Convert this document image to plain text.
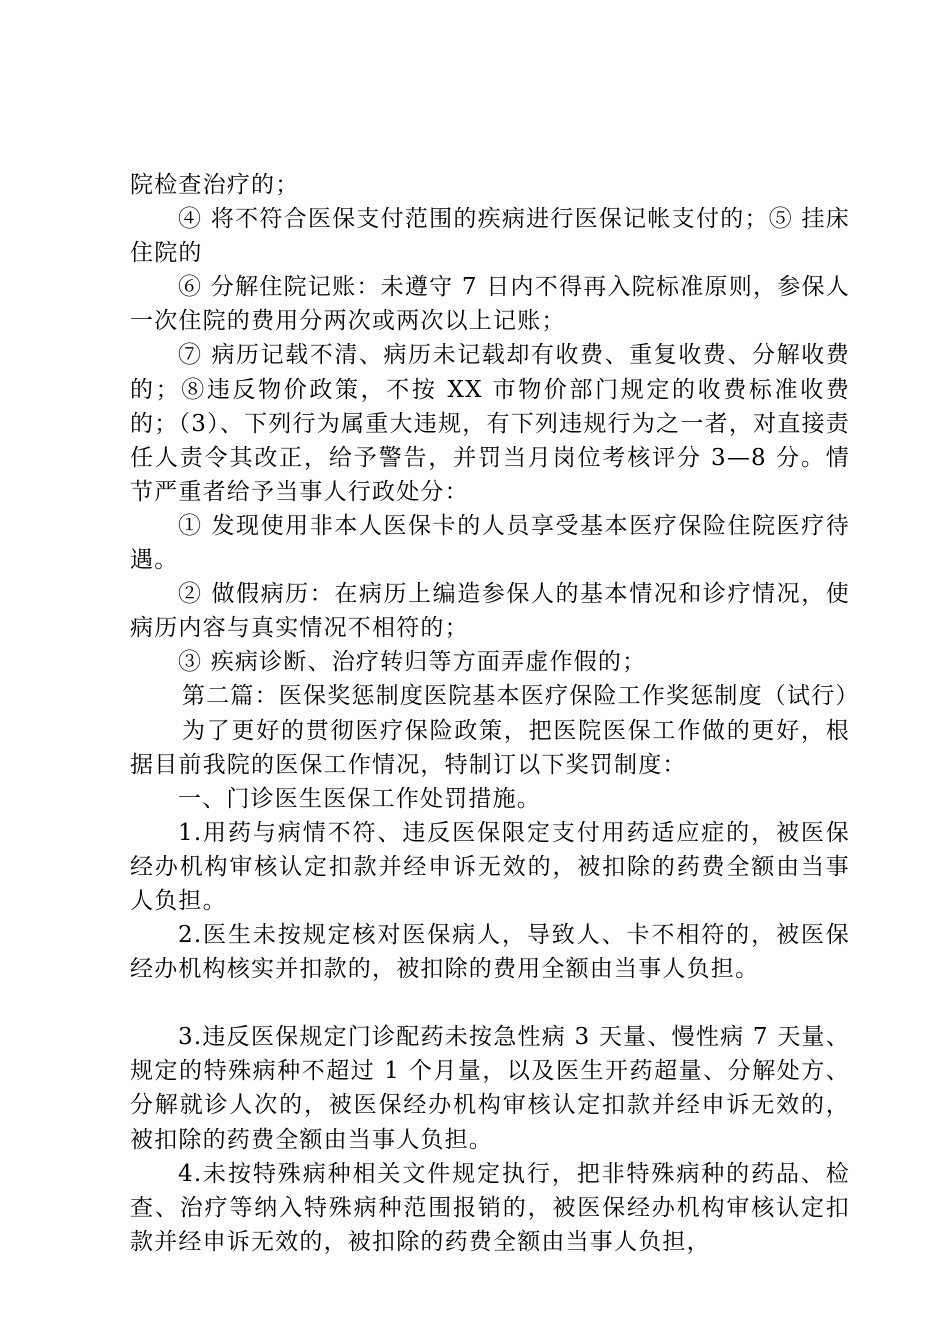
院检查治疗的；

④ 将不符合医保支付范围的疾病进行医保记帐支付的；⑤ 挂床住院的

⑥ 分解住院记账：未遵守 7 日内不得再入院标准原则，参保人一次住院的费用分两次或两次以上记账；

⑦ 病历记载不清、病历未记载却有收费、重复收费、分解收费的；⑧违反物价政策，不按 XX 市物价部门规定的收费标准收费的；（3）、下列行为属重大违规，有下列违规行为之一者，对直接责任人责令其改正，给予警告，并罚当月岗位考核评分 3—8 分。情节严重者给予当事人行政处分：

① 发现使用非本人医保卡的人员享受基本医疗保险住院医疗待遇。

② 做假病历：在病历上编造参保人的基本情况和诊疗情况，使病历内容与真实情况不相符的；

③ 疾病诊断、治疗转归等方面弄虚作假的；

第二篇：医保奖惩制度医院基本医疗保险工作奖惩制度（试行）

为了更好的贯彻医疗保险政策，把医院医保工作做的更好，根据目前我院的医保工作情况，特制订以下奖罚制度：

一、门诊医生医保工作处罚措施。

1.用药与病情不符、违反医保限定支付用药适应症的，被医保经办机构审核认定扣款并经申诉无效的，被扣除的药费全额由当事人负担。

2.医生未按规定核对医保病人，导致人、卡不相符的，被医保经办机构核实并扣款的，被扣除的费用全额由当事人负担。

3.违反医保规定门诊配药未按急性病 3 天量、慢性病 7 天量、规定的特殊病种不超过 1 个月量，以及医生开药超量、分解处方、分解就诊人次的，被医保经办机构审核认定扣款并经申诉无效的，被扣除的药费全额由当事人负担。

4.未按特殊病种相关文件规定执行，把非特殊病种的药品、检查、治疗等纳入特殊病种范围报销的，被医保经办机构审核认定扣款并经申诉无效的，被扣除的药费全额由当事人负担，
